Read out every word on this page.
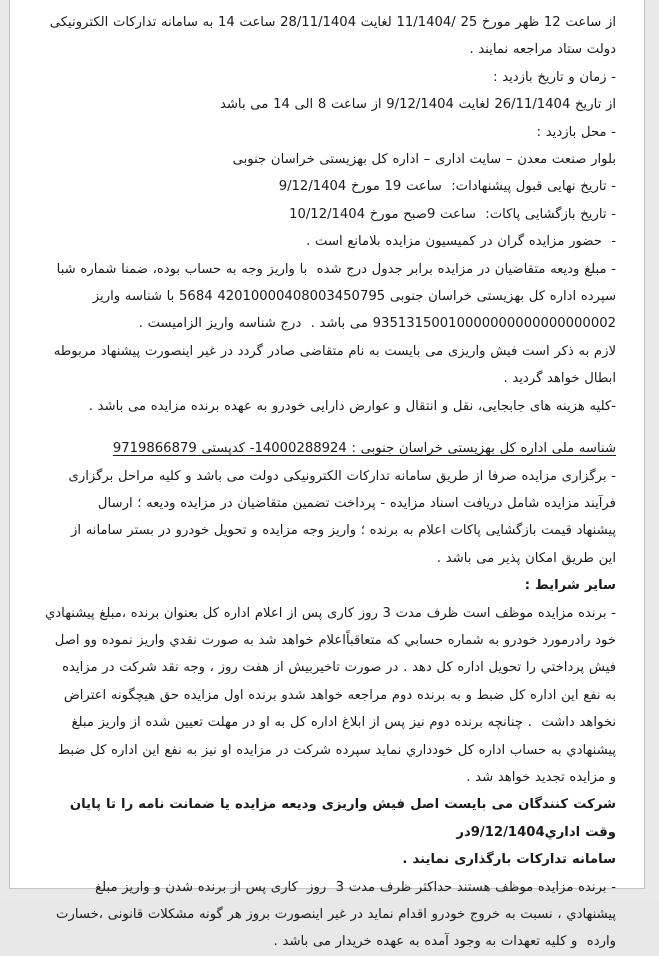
از ساعت 12 ظهر مورخ 25 /11/1404 لغایت 28/11/1404 ساعت 14 به سامانه تدارکات الکترونیکی
دولت ستاد مراجعه نمایند .
- زمان و تاریخ بازدید :
از تاریخ 26/11/1404 لغایت 9/12/1404 از ساعت 8 الی 14 می باشد
- محل بازدید :
بلوار صنعت معدن – سایت اداری – اداره کل بهزیستی خراسان جنوبی
- تاریخ نهایی قبول پیشنهادات:  ساعت 19 مورخ 9/12/1404
- تاریخ بازگشایی پاکات:  ساعت 9صبح مورخ 10/12/1404
-  حضور مزایده گران در کمیسیون مزایده بلامانع است .
- مبلغ ودیعه متقاضیان در مزایده برابر جدول درج شده  با واریز وجه به حساب بوده، ضمنا شماره شبا
سپرده اداره کل بهزیستی خراسان جنوبی 42010000408003450795 5684 با شناسه واریز
93513150010000000000000000002 می باشد .  درج شناسه واریز الزامیست .
لازم به ذکر است فیش واریزی می بایست به نام متقاضی صادر گردد در غیر اینصورت پیشنهاد مربوطه
ابطال خواهد گردید .
-کلیه هزینه های جابجایی، نقل و انتقال و عوارض دارایی خودرو به عهده برنده مزایده می باشد .
شناسه ملی اداره کل بهزیستی خراسان جنوبی : 14000288924- کدپستی 9719866879
- برگزاری مزایده صرفا از طریق سامانه تدارکات الکترونیکی دولت می باشد و کلیه مراحل برگزاری
فرآیند مزایده شامل دریافت اسناد مزایده - پرداخت تضمین متقاضیان در مزایده ودیعه ؛ ارسال
پیشنهاد قیمت بازگشایی پاکات اعلام به برنده ؛ واریز وجه مزایده و تحویل خودرو در بستر سامانه از
این طریق امکان پذیر می باشد .
سایر شرایط :
- برنده مزایده موظف است ظرف مدت 3 روز کاری پس از اعلام اداره کل بعنوان برنده ،مبلغ پیشنهادي
خود رادرمورد خودرو به شماره حسابي که متعاقباًاعلام خواهد شد به صورت نقدي واریز نموده وو اصل
فیش پرداختي را تحویل اداره کل دهد . در صورت تاخیربیش از هفت روز ، وجه نقد شرکت در مزایده
به نفع این اداره کل ضبط و به برنده دوم مراجعه خواهد شدو برنده اول مزایده حق هیچگونه اعتراض
نخواهد داشت  . چنانچه برنده دوم نیز پس از ابلاغ اداره کل به او در مهلت تعیین شده از واریز مبلغ
پیشنهادي به حساب اداره کل خودداري نماید سپرده شرکت در مزایده او نیز به نفع این اداره کل ضبط
و مزایده تجدید خواهد شد .
شرکت کنندگان می بایست اصل فیش واریزی ودیعه مزایده یا ضمانت نامه را تا پایان وقت اداري9/12/1404در
سامانه تدارکات بارگذاری نمایند .
- برنده مزایده موظف هستند حداکثر ظرف مدت 3  روز  کاری پس از برنده شدن و واریز مبلغ
پیشنهادي ، نسبت به خروج خودرو اقدام نماید در غیر اینصورت بروز هر گونه مشکلات قانونی ،خسارت
وارده  و کلیه تعهدات به وجود آمده به عهده خریدار می باشد .
